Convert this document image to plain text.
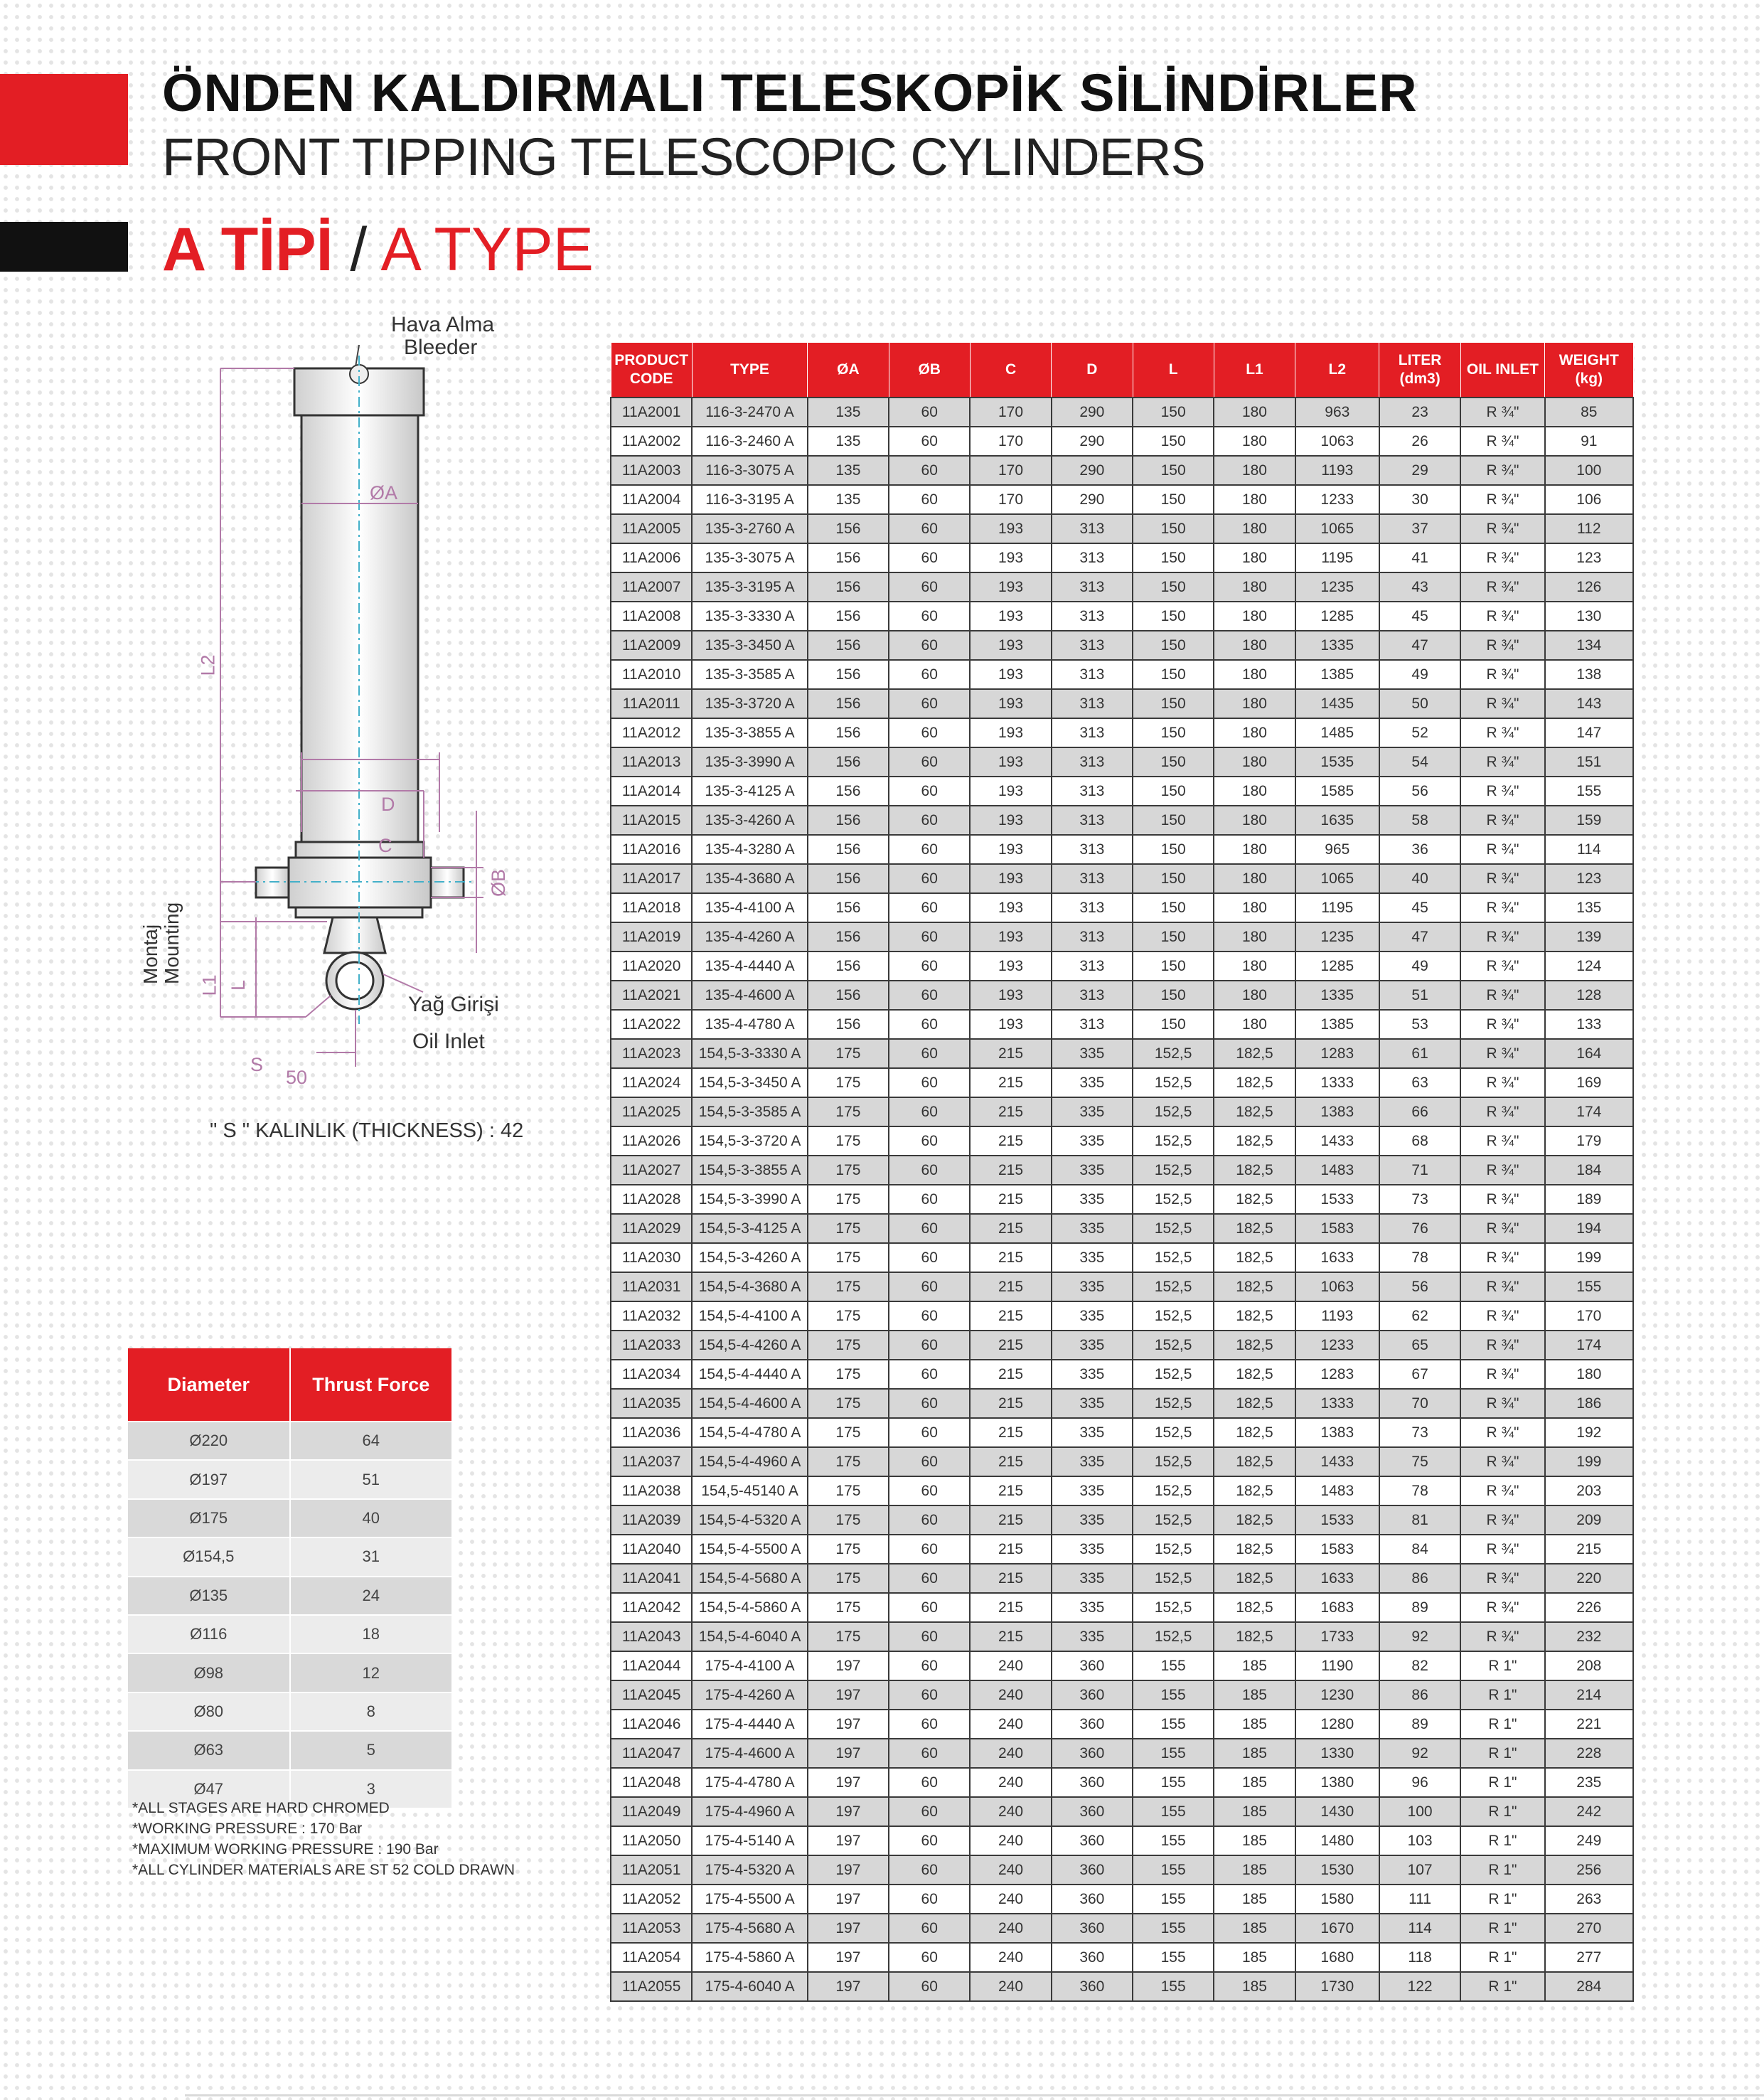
ÖNDEN KALDIRMALI TELESKOPİK SİLİNDİRLER
FRONT TIPPING TELESCOPIC CYLINDERS
A TİPİ / A TYPE
Hava Alma
Bleeder
ØA
L2
D
C
ØB
L1 L
Montaj Mounting
Yağ Girişi
Oil Inlet
S
50
" S " KALINLIK (THICKNESS) : 42
PRODUCT
CODE	TYPE	ØA	ØB	C	D	L	L1	L2	LITER
(dm3)	OIL INLET	WEIGHT
(kg)
11A2001	116-3-2470 A	135	60	170	290	150	180	963	23	R ¾"	85
11A2002	116-3-2460 A	135	60	170	290	150	180	1063	26	R ¾"	91
11A2003	116-3-3075 A	135	60	170	290	150	180	1193	29	R ¾"	100
11A2004	116-3-3195 A	135	60	170	290	150	180	1233	30	R ¾"	106
11A2005	135-3-2760 A	156	60	193	313	150	180	1065	37	R ¾"	112
11A2006	135-3-3075 A	156	60	193	313	150	180	1195	41	R ¾"	123
11A2007	135-3-3195 A	156	60	193	313	150	180	1235	43	R ¾"	126
11A2008	135-3-3330 A	156	60	193	313	150	180	1285	45	R ¾"	130
11A2009	135-3-3450 A	156	60	193	313	150	180	1335	47	R ¾"	134
11A2010	135-3-3585 A	156	60	193	313	150	180	1385	49	R ¾"	138
11A2011	135-3-3720 A	156	60	193	313	150	180	1435	50	R ¾"	143
11A2012	135-3-3855 A	156	60	193	313	150	180	1485	52	R ¾"	147
11A2013	135-3-3990 A	156	60	193	313	150	180	1535	54	R ¾"	151
11A2014	135-3-4125 A	156	60	193	313	150	180	1585	56	R ¾"	155
11A2015	135-3-4260 A	156	60	193	313	150	180	1635	58	R ¾"	159
11A2016	135-4-3280 A	156	60	193	313	150	180	965	36	R ¾"	114
11A2017	135-4-3680 A	156	60	193	313	150	180	1065	40	R ¾"	123
11A2018	135-4-4100 A	156	60	193	313	150	180	1195	45	R ¾"	135
11A2019	135-4-4260 A	156	60	193	313	150	180	1235	47	R ¾"	139
11A2020	135-4-4440 A	156	60	193	313	150	180	1285	49	R ¾"	124
11A2021	135-4-4600 A	156	60	193	313	150	180	1335	51	R ¾"	128
11A2022	135-4-4780 A	156	60	193	313	150	180	1385	53	R ¾"	133
11A2023	154,5-3-3330 A	175	60	215	335	152,5	182,5	1283	61	R ¾"	164
11A2024	154,5-3-3450 A	175	60	215	335	152,5	182,5	1333	63	R ¾"	169
11A2025	154,5-3-3585 A	175	60	215	335	152,5	182,5	1383	66	R ¾"	174
11A2026	154,5-3-3720 A	175	60	215	335	152,5	182,5	1433	68	R ¾"	179
11A2027	154,5-3-3855 A	175	60	215	335	152,5	182,5	1483	71	R ¾"	184
11A2028	154,5-3-3990 A	175	60	215	335	152,5	182,5	1533	73	R ¾"	189
11A2029	154,5-3-4125 A	175	60	215	335	152,5	182,5	1583	76	R ¾"	194
11A2030	154,5-3-4260 A	175	60	215	335	152,5	182,5	1633	78	R ¾"	199
11A2031	154,5-4-3680 A	175	60	215	335	152,5	182,5	1063	56	R ¾"	155
11A2032	154,5-4-4100 A	175	60	215	335	152,5	182,5	1193	62	R ¾"	170
11A2033	154,5-4-4260 A	175	60	215	335	152,5	182,5	1233	65	R ¾"	174
11A2034	154,5-4-4440 A	175	60	215	335	152,5	182,5	1283	67	R ¾"	180
11A2035	154,5-4-4600 A	175	60	215	335	152,5	182,5	1333	70	R ¾"	186
11A2036	154,5-4-4780 A	175	60	215	335	152,5	182,5	1383	73	R ¾"	192
11A2037	154,5-4-4960 A	175	60	215	335	152,5	182,5	1433	75	R ¾"	199
11A2038	154,5-45140 A	175	60	215	335	152,5	182,5	1483	78	R ¾"	203
11A2039	154,5-4-5320 A	175	60	215	335	152,5	182,5	1533	81	R ¾"	209
11A2040	154,5-4-5500 A	175	60	215	335	152,5	182,5	1583	84	R ¾"	215
11A2041	154,5-4-5680 A	175	60	215	335	152,5	182,5	1633	86	R ¾"	220
11A2042	154,5-4-5860 A	175	60	215	335	152,5	182,5	1683	89	R ¾"	226
11A2043	154,5-4-6040 A	175	60	215	335	152,5	182,5	1733	92	R ¾"	232
11A2044	175-4-4100 A	197	60	240	360	155	185	1190	82	R 1"	208
11A2045	175-4-4260 A	197	60	240	360	155	185	1230	86	R 1"	214
11A2046	175-4-4440 A	197	60	240	360	155	185	1280	89	R 1"	221
11A2047	175-4-4600 A	197	60	240	360	155	185	1330	92	R 1"	228
11A2048	175-4-4780 A	197	60	240	360	155	185	1380	96	R 1"	235
11A2049	175-4-4960 A	197	60	240	360	155	185	1430	100	R 1"	242
11A2050	175-4-5140 A	197	60	240	360	155	185	1480	103	R 1"	249
11A2051	175-4-5320 A	197	60	240	360	155	185	1530	107	R 1"	256
11A2052	175-4-5500 A	197	60	240	360	155	185	1580	111	R 1"	263
11A2053	175-4-5680 A	197	60	240	360	155	185	1670	114	R 1"	270
11A2054	175-4-5860 A	197	60	240	360	155	185	1680	118	R 1"	277
11A2055	175-4-6040 A	197	60	240	360	155	185	1730	122	R 1"	284
Diameter	Thrust Force
Ø220	64
Ø197	51
Ø175	40
Ø154,5	31
Ø135	24
Ø116	18
Ø98	12
Ø80	8
Ø63	5
Ø47	3
*ALL STAGES ARE HARD CHROMED
*WORKING PRESSURE : 170 Bar
*MAXIMUM WORKING PRESSURE : 190 Bar
*ALL CYLINDER MATERIALS ARE ST 52 COLD DRAWN
